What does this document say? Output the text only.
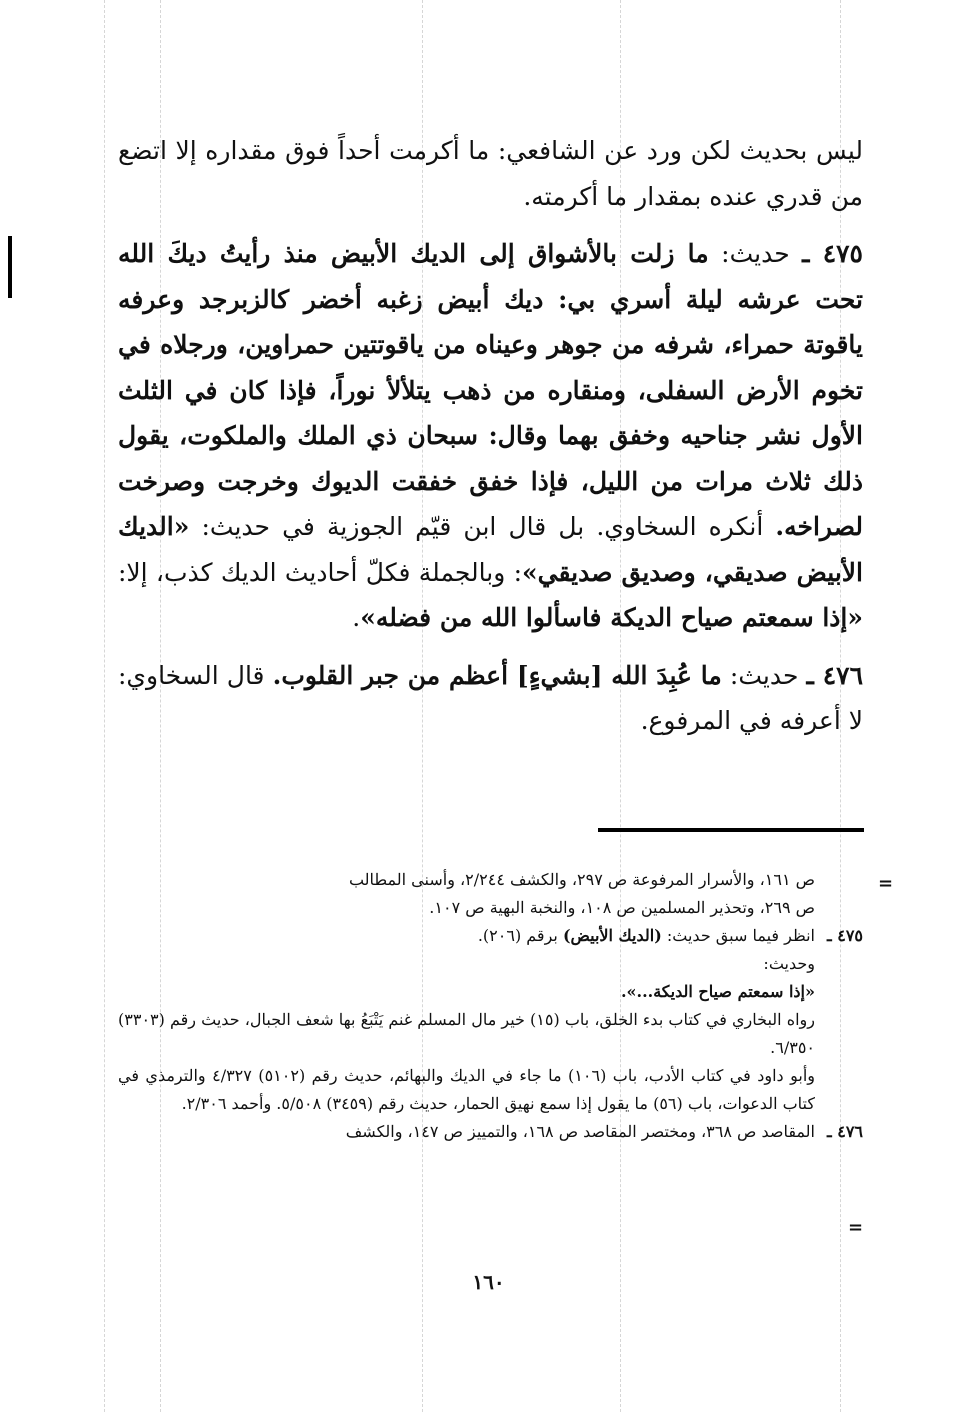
ليس بحديث لكن ورد عن الشافعي: ما أكرمت أحداً فوق مقداره إلا اتضع من قدري عنده بمقدار ما أكرمته.

٤٧٥ ـ حديث: ما زلت بالأشواق إلى الديك الأبيض منذ رأيتُ ديكَ الله تحت عرشه ليلة أسري بي: ديك أبيض زغبه أخضر كالزبرجد وعرفه ياقوتة حمراء، شرفه من جوهر وعيناه من ياقوتتين حمراوين، ورجلاه في تخوم الأرض السفلى، ومنقاره من ذهب يتلألأ نوراً، فإذا كان في الثلث الأول نشر جناحيه وخفق بهما وقال: سبحان ذي الملك والملكوت، يقول ذلك ثلاث مرات من الليل، فإذا خفق خفقت الديوك وخرجت وصرخت لصراخه. أنكره السخاوي. بل قال ابن قيّم الجوزية في حديث: «الديك الأبيض صديقي، وصديق صديقي»: وبالجملة فكلّ أحاديث الديك كذب، إلا: «إذا سمعتم صياح الديكة فاسألوا الله من فضله».

٤٧٦ ـ حديث: ما عُبِدَ الله [بشيءٍ] أعظم من جبر القلوب. قال السخاوي: لا أعرفه في المرفوع.

=
ص ١٦١، والأسرار المرفوعة ص ٢٩٧، والكشف ٢/٢٤٤، وأسنى المطالب
ص ٢٦٩، وتحذير المسلمين ص ١٠٨، والنخبة البهية ص ١٠٧.
٤٧٥ ـ
انظر فيما سبق حديث: (الديك الأبيض) برقم (٢٠٦).
وحديث:
«إذا سمعتم صياح الديكة...».
رواه البخاري في كتاب بدء الخلق، باب (١٥) خير مال المسلم غنم يَتْبَعُ بها شعف الجبال، حديث رقم (٣٣٠٣) ٦/٣٥٠.
وأبو داود في كتاب الأدب، باب (١٠٦) ما جاء في الديك والبهائم، حديث رقم (٥١٠٢) ٤/٣٢٧ والترمذي في كتاب الدعوات، باب (٥٦) ما يقول إذا سمع نهيق الحمار، حديث رقم (٣٤٥٩) ٥/٥٠٨. وأحمد ٢/٣٠٦.
٤٧٦ ـ
المقاصد ص ٣٦٨، ومختصر المقاصد ص ١٦٨، والتمييز ص ١٤٧، والكشف
=
١٦٠
